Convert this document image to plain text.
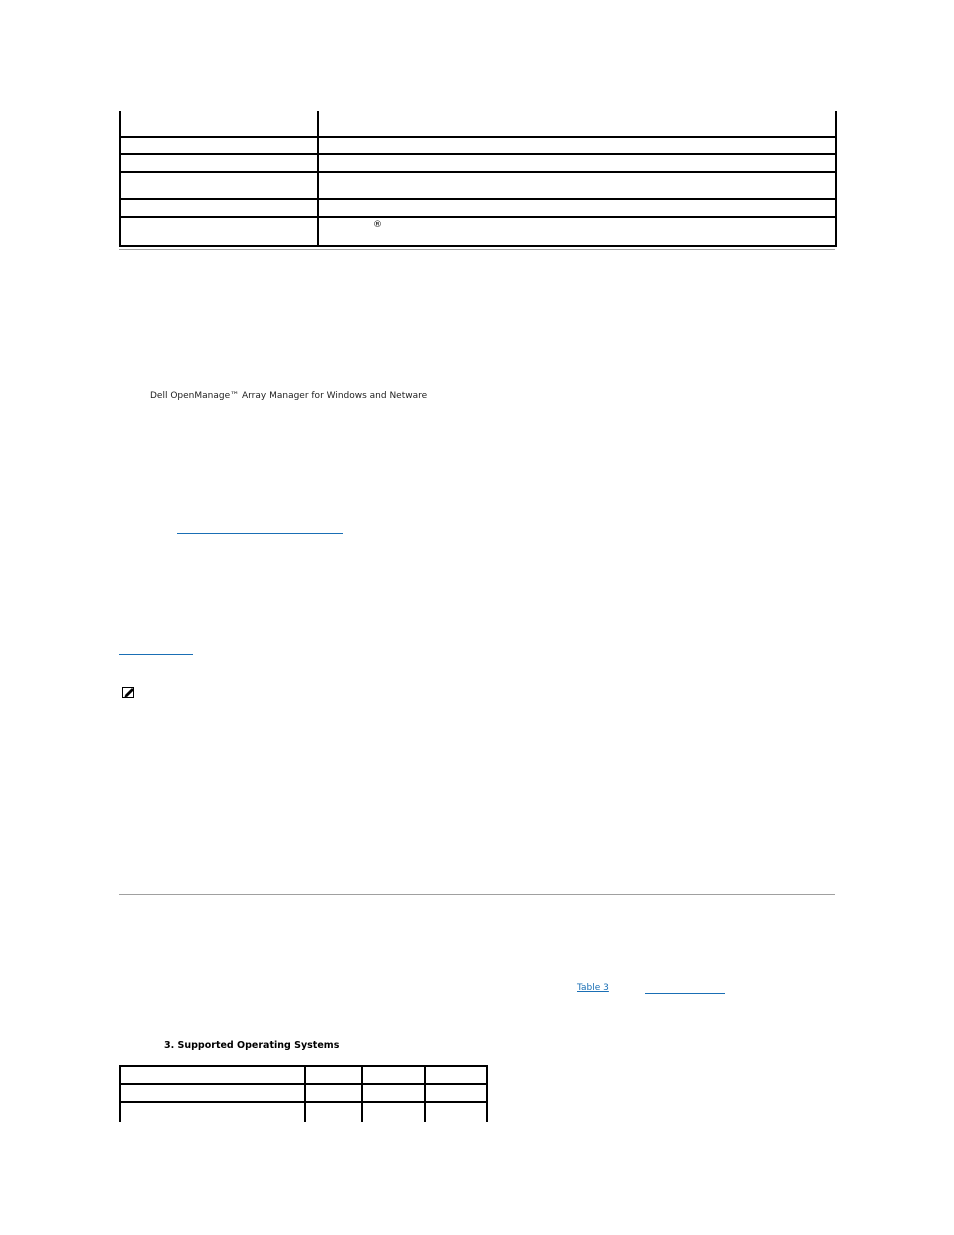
	®
Dell OpenManage™ Array Manager for Windows and Netware
Table 3
3. Supported Operating Systems
